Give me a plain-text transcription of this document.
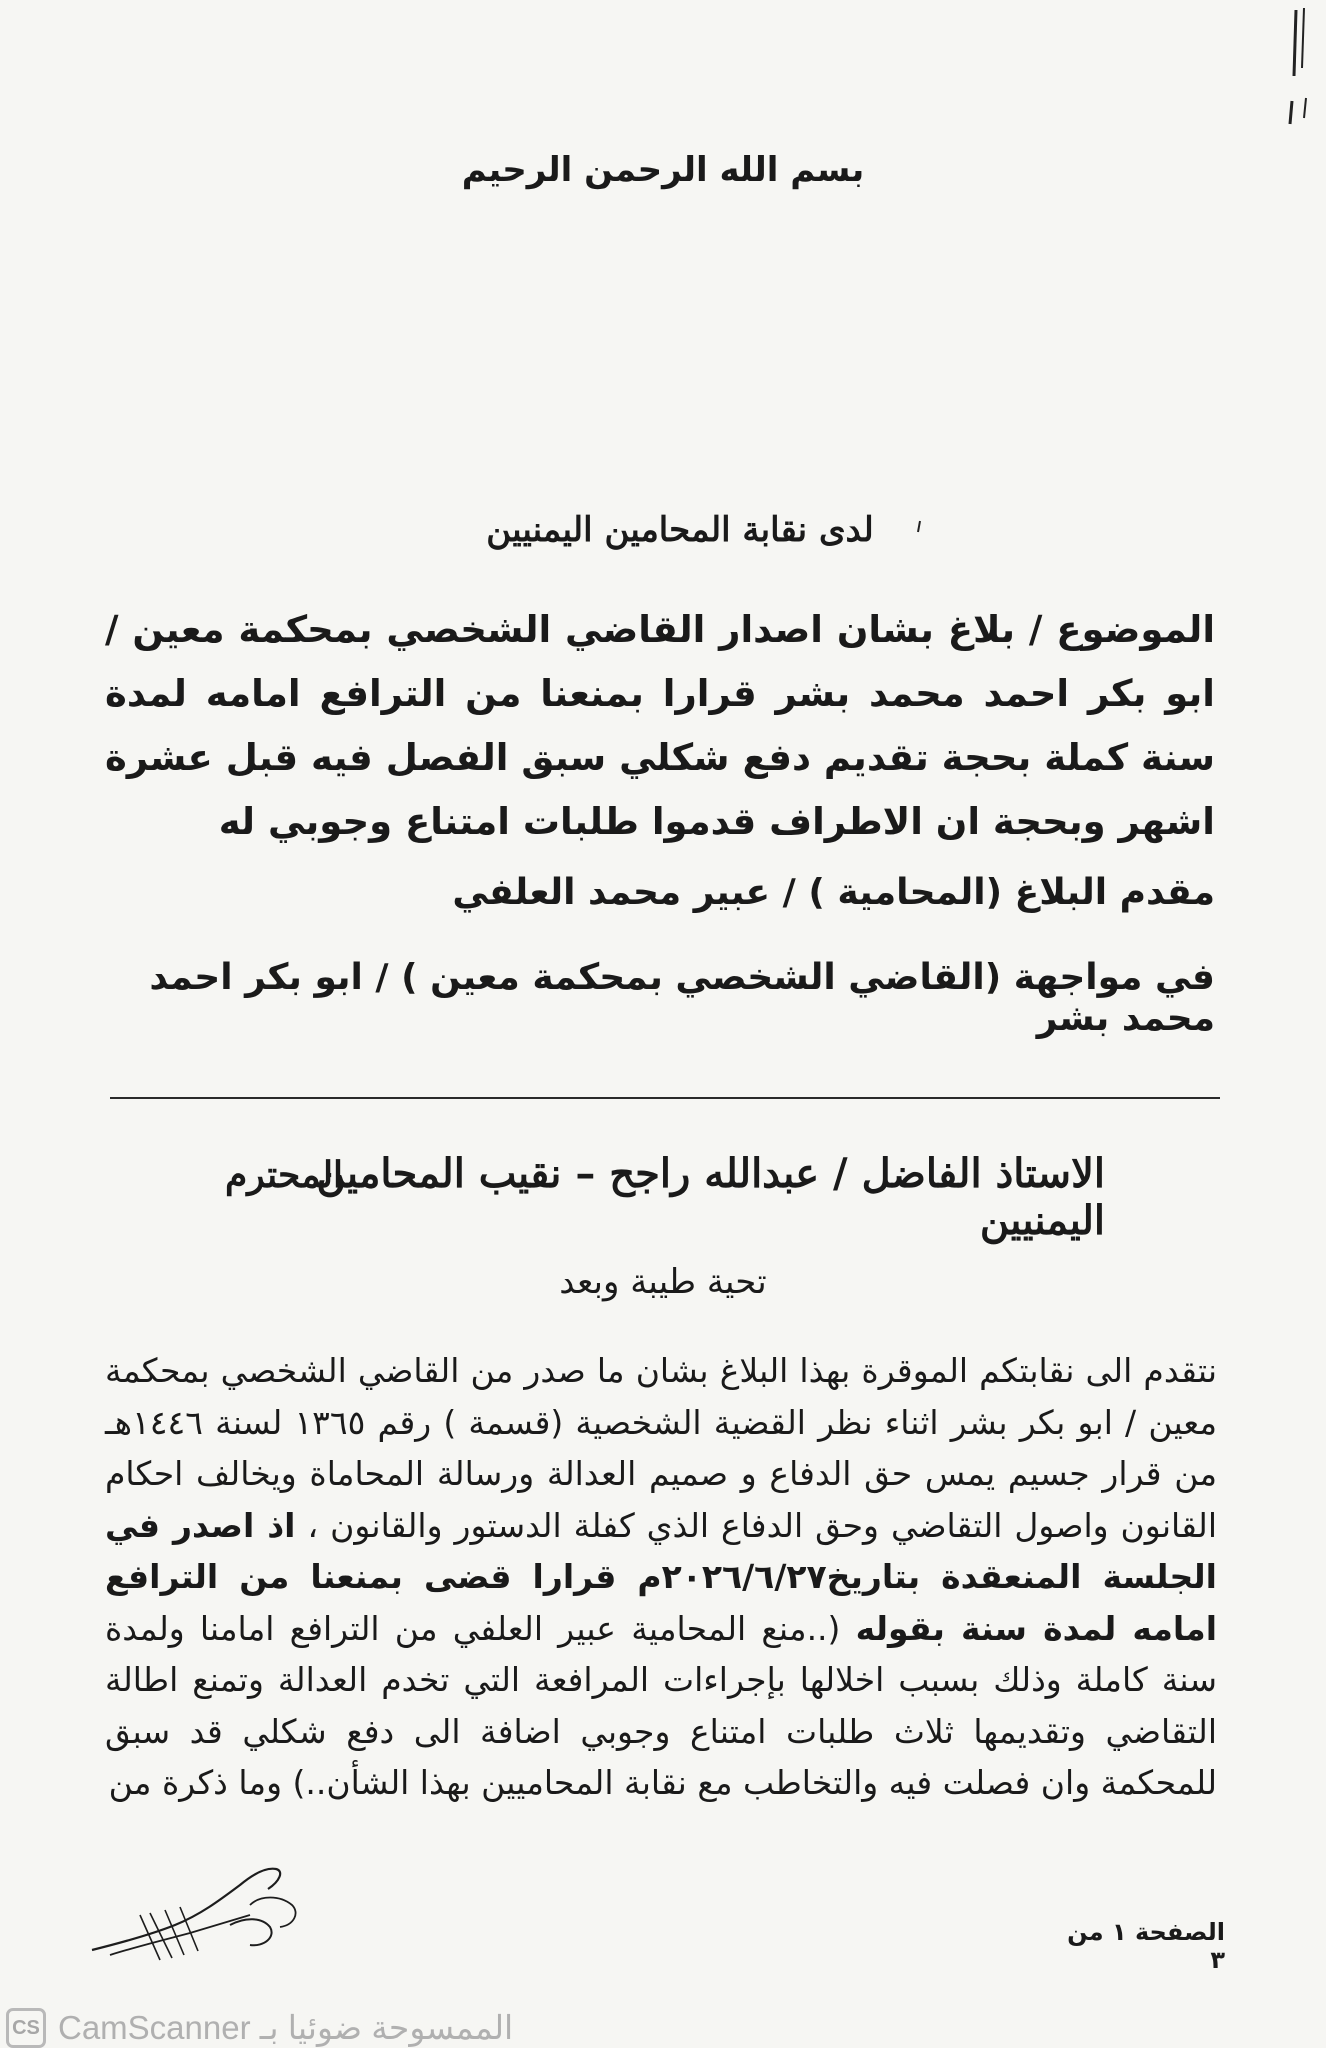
بسم الله الرحمن الرحيم
لدى نقابة المحامين اليمنيين
الموضوع / بلاغ بشان اصدار القاضي الشخصي بمحكمة معين / ابو بكر احمد محمد بشر قرارا بمنعنا من الترافع امامه لمدة سنة كملة بحجة تقديم دفع شكلي سبق الفصل فيه قبل عشرة اشهر وبحجة ان الاطراف قدموا طلبات امتناع وجوبي له
مقدم البلاغ (المحامية ) / عبير محمد العلفي
في مواجهة (القاضي الشخصي بمحكمة معين ) / ابو بكر احمد محمد بشر
الاستاذ الفاضل / عبدالله راجح – نقيب المحامين اليمنيين
المحترم
تحية طيبة وبعد
نتقدم الى نقابتكم الموقرة بهذا البلاغ بشان ما صدر من القاضي الشخصي بمحكمة معين / ابو بكر بشر اثناء نظر القضية الشخصية (قسمة ) رقم ١٣٦٥ لسنة ١٤٤٦هـ من قرار جسيم يمس حق الدفاع و صميم العدالة ورسالة المحاماة ويخالف احكام القانون واصول التقاضي وحق الدفاع الذي كفلة الدستور والقانون ، اذ اصدر في الجلسة المنعقدة بتاريخ٢٠٢٦/٦/٢٧م قرارا قضى بمنعنا من الترافع امامه لمدة سنة بقوله (..منع المحامية عبير العلفي من الترافع امامنا ولمدة سنة كاملة وذلك بسبب اخلالها بإجراءات المرافعة التي تخدم العدالة وتمنع اطالة التقاضي وتقديمها ثلاث طلبات امتناع وجوبي اضافة الى دفع شكلي قد سبق للمحكمة وان فصلت فيه والتخاطب مع نقابة المحاميين بهذا الشأن..) وما ذكرة من
الصفحة ١ من ٣
CS CamScanner الممسوحة ضوئيا بـ
